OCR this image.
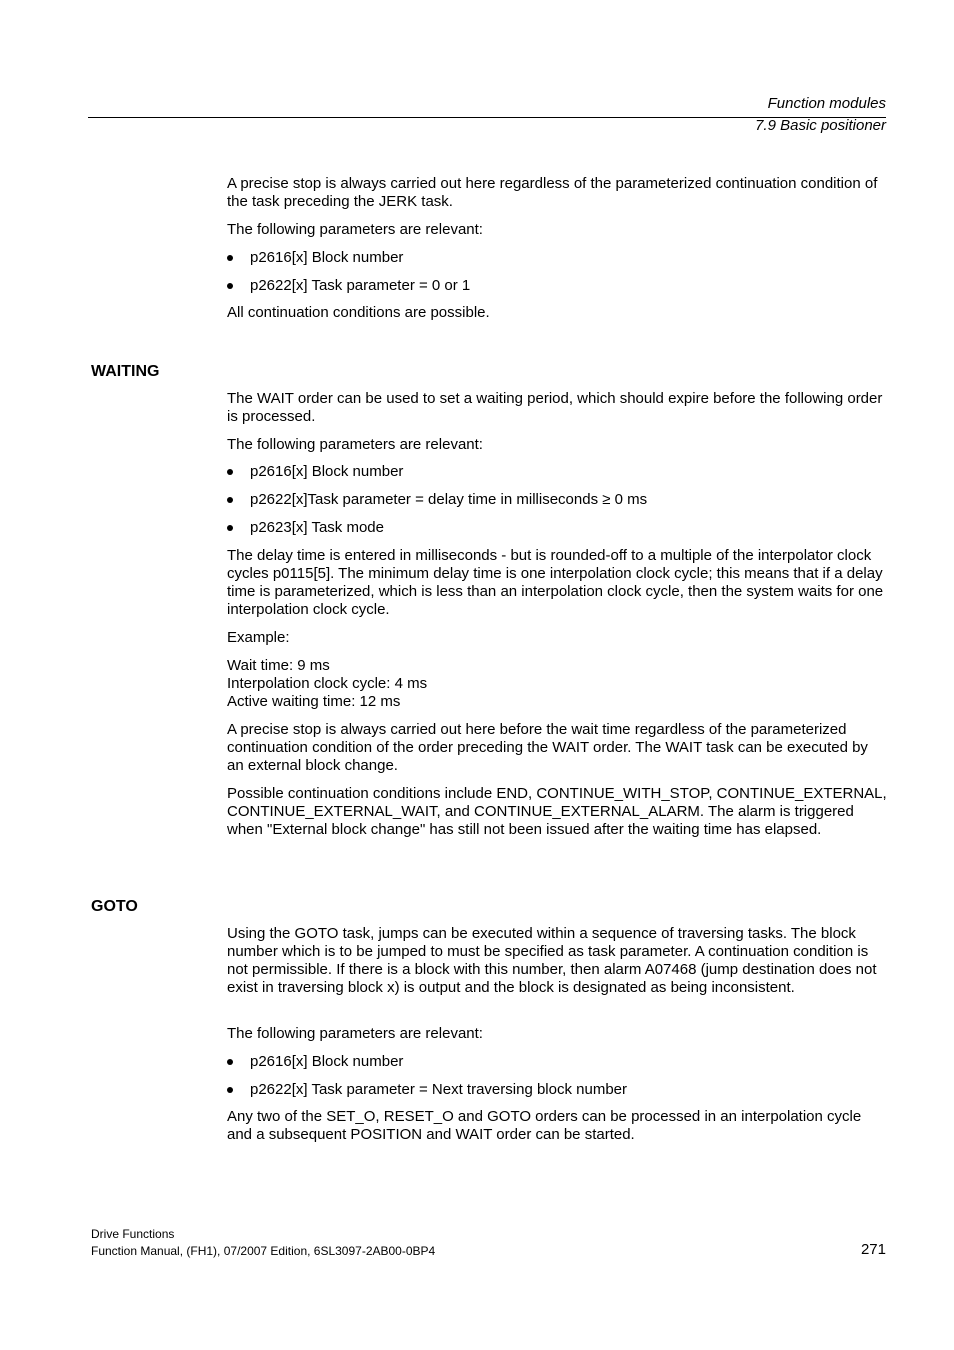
Function modules
7.9 Basic positioner

A precise stop is always carried out here regardless of the parameterized continuation condition of the task preceding the JERK task.

The following parameters are relevant:

p2616[x] Block number
p2622[x] Task parameter = 0 or 1

All continuation conditions are possible.

WAITING

The WAIT order can be used to set a waiting period, which should expire before the following order is processed.

The following parameters are relevant:

p2616[x] Block number
p2622[x]Task parameter = delay time in milliseconds ≥ 0 ms
p2623[x] Task mode

The delay time is entered in milliseconds - but is rounded-off to a multiple of the interpolator clock cycles p0115[5]. The minimum delay time is one interpolation clock cycle; this means that if a delay time is parameterized, which is less than an interpolation clock cycle, then the system waits for one interpolation clock cycle.

Example:

Wait time: 9 ms

Interpolation clock cycle: 4 ms

Active waiting time: 12 ms

A precise stop is always carried out here before the wait time regardless of the parameterized continuation condition of the order preceding the WAIT order. The WAIT task can be executed by an external block change.

Possible continuation conditions include END, CONTINUE_WITH_STOP, CONTINUE_EXTERNAL, CONTINUE_EXTERNAL_WAIT, and CONTINUE_EXTERNAL_ALARM. The alarm is triggered when "External block change" has still not been issued after the waiting time has elapsed.

GOTO

Using the GOTO task, jumps can be executed within a sequence of traversing tasks. The block number which is to be jumped to must be specified as task parameter. A continuation condition is not permissible. If there is a block with this number, then alarm A07468 (jump destination does not exist in traversing block x) is output and the block is designated as being inconsistent.

The following parameters are relevant:

p2616[x] Block number
p2622[x] Task parameter = Next traversing block number

Any two of the SET_O, RESET_O and GOTO orders can be processed in an interpolation cycle and a subsequent POSITION and WAIT order can be started.

Drive Functions
Function Manual, (FH1), 07/2007 Edition, 6SL3097-2AB00-0BP4	271
